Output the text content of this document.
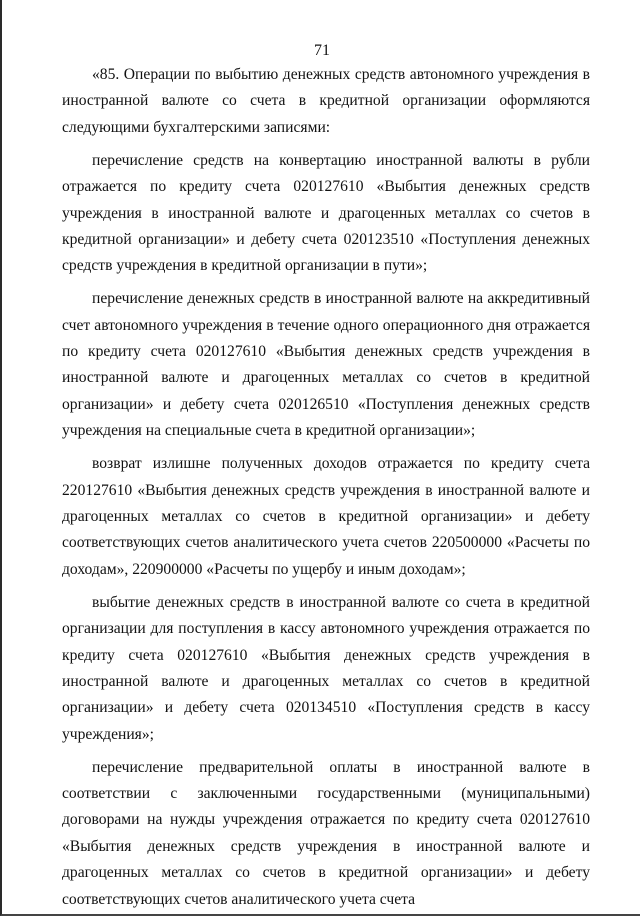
71

«85. Операции по выбытию денежных средств автономного учреждения в иностранной валюте со счета в кредитной организации оформляются следующими бухгалтерскими записями:

перечисление средств на конвертацию иностранной валюты в рубли отражается по кредиту счета 020127610 «Выбытия денежных средств учреждения в иностранной валюте и драгоценных металлах со счетов в кредитной организации» и дебету счета 020123510 «Поступления денежных средств учреждения в кредитной организации в пути»;

перечисление денежных средств в иностранной валюте на аккредитивный счет автономного учреждения в течение одного операционного дня отражается по кредиту счета 020127610 «Выбытия денежных средств учреждения в иностранной валюте и драгоценных металлах со счетов в кредитной организации» и дебету счета 020126510 «Поступления денежных средств учреждения на специальные счета в кредитной организации»;

возврат излишне полученных доходов отражается по кредиту счета 220127610 «Выбытия денежных средств учреждения в иностранной валюте и драгоценных металлах со счетов в кредитной организации» и дебету соответствующих счетов аналитического учета счетов 220500000 «Расчеты по доходам», 220900000 «Расчеты по ущербу и иным доходам»;

выбытие денежных средств в иностранной валюте со счета в кредитной организации для поступления в кассу автономного учреждения отражается по кредиту счета 020127610 «Выбытия денежных средств учреждения в иностранной валюте и драгоценных металлах со счетов в кредитной организации» и дебету счета 020134510 «Поступления средств в кассу учреждения»;

перечисление предварительной оплаты в иностранной валюте в соответствии с заключенными государственными (муниципальными) договорами на нужды учреждения отражается по кредиту счета 020127610 «Выбытия денежных средств учреждения в иностранной валюте и драгоценных металлах со счетов в кредитной организации» и дебету соответствующих счетов аналитического учета счета
